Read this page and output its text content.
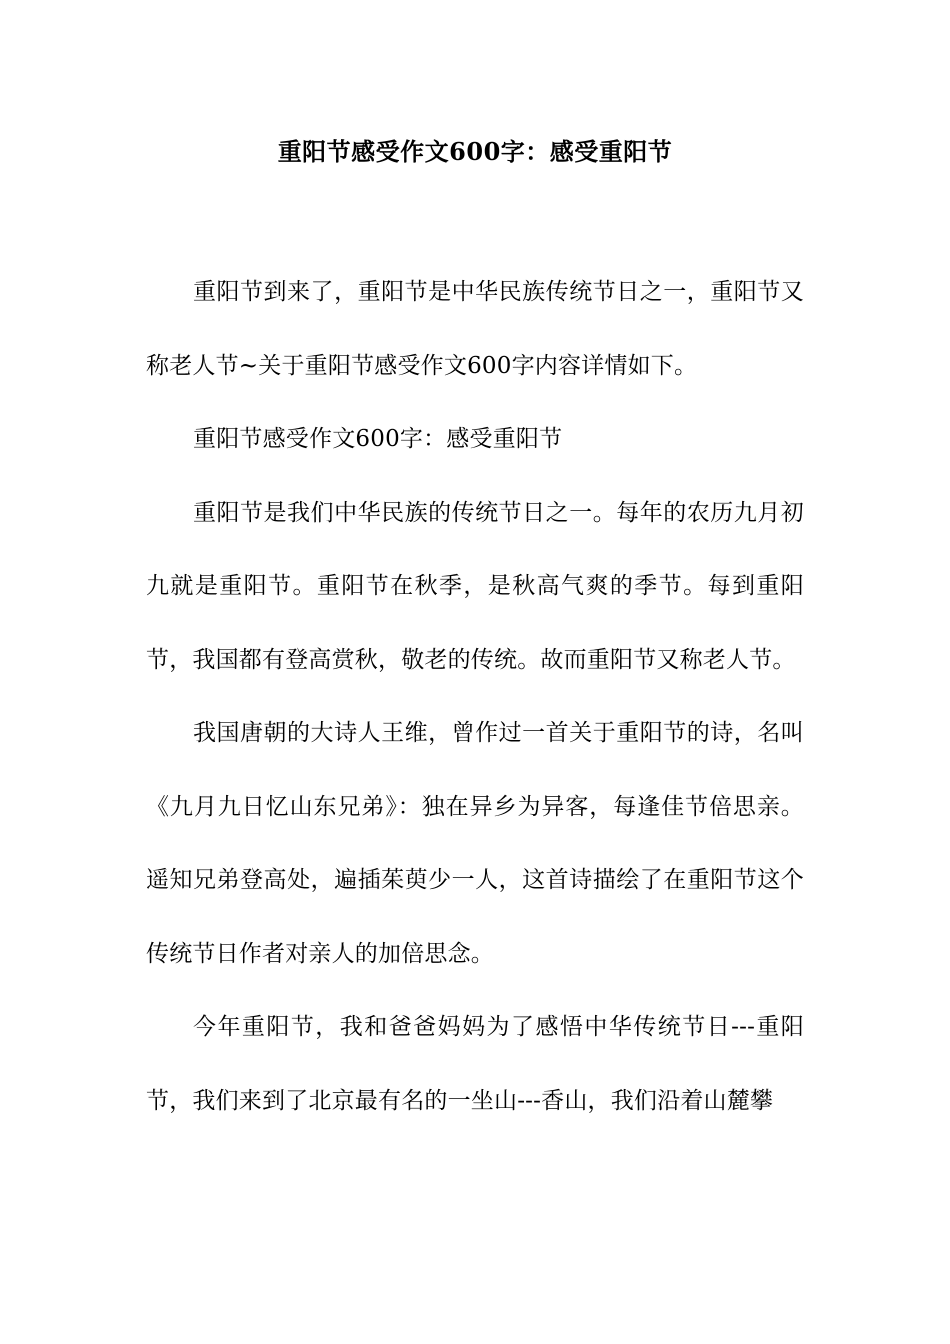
重阳节感受作文600字：感受重阳节

重阳节到来了，重阳节是中华民族传统节日之一，重阳节又称老人节~关于重阳节感受作文600字内容详情如下。

重阳节感受作文600字：感受重阳节

重阳节是我们中华民族的传统节日之一。每年的农历九月初九就是重阳节。重阳节在秋季，是秋高气爽的季节。每到重阳节，我国都有登高赏秋，敬老的传统。故而重阳节又称老人节。

我国唐朝的大诗人王维，曾作过一首关于重阳节的诗，名叫《九月九日忆山东兄弟》：独在异乡为异客，每逢佳节倍思亲。遥知兄弟登高处，遍插茱萸少一人，这首诗描绘了在重阳节这个传统节日作者对亲人的加倍思念。

今年重阳节，我和爸爸妈妈为了感悟中华传统节日---重阳节，我们来到了北京最有名的一坐山---香山，我们沿着山麓攀
